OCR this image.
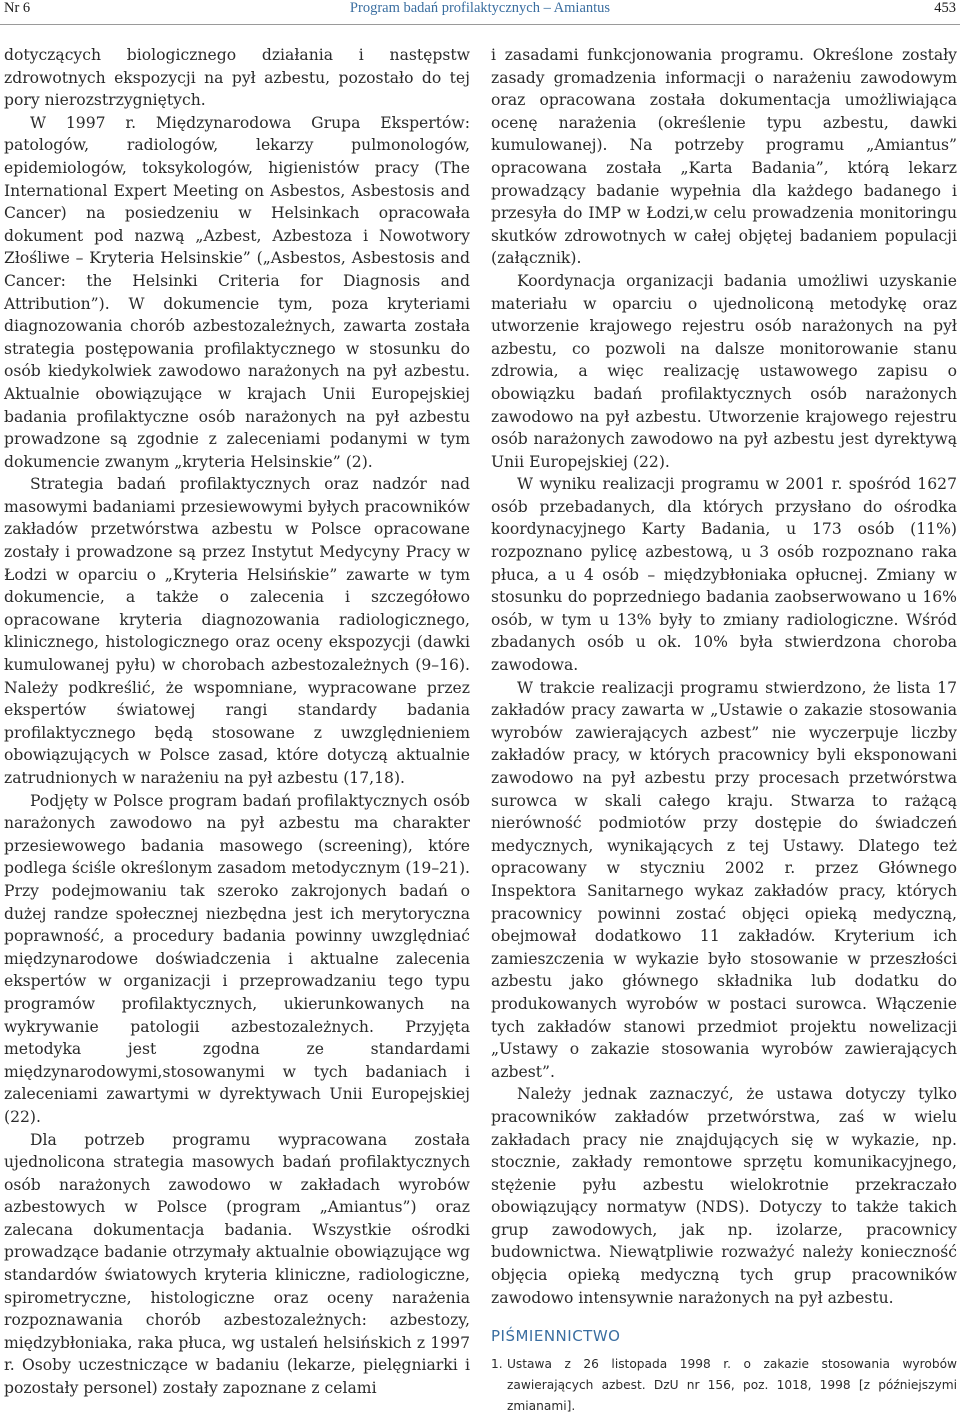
Nr 6	Program badań profilaktycznych – Amiantus	453

dotyczących biologicznego działania i następstw zdrowotnych ekspozycji na pył azbestu, pozostało do tej pory nierozstrzygniętych.

W 1997 r. Międzynarodowa Grupa Ekspertów: patologów, radiologów, lekarzy pulmonologów, epidemiologów, toksykologów, higienistów pracy (The International Expert Meeting on Asbestos, Asbestosis and Cancer) na posiedzeniu w Helsinkach opracowała dokument pod nazwą „Azbest, Azbestoza i Nowotwory Złośliwe – Kryteria Helsinskie” („Asbestos, Asbestosis and Cancer: the Helsinki Criteria for Diagnosis and Attribution”). W dokumencie tym, poza kryteriami diagnozowania chorób azbestozależnych, zawarta została strategia postępowania profilaktycznego w stosunku do osób kiedykolwiek zawodowo narażonych na pył azbestu. Aktualnie obowiązujące w krajach Unii Europejskiej badania profilaktyczne osób narażonych na pył azbestu prowadzone są zgodnie z zaleceniami podanymi w tym dokumencie zwanym „kryteria Helsinskie” (2).

Strategia badań profilaktycznych oraz nadzór nad masowymi badaniami przesiewowymi byłych pracowników zakładów przetwórstwa azbestu w Polsce opracowane zostały i prowadzone są przez Instytut Medycyny Pracy w Łodzi w oparciu o „Kryteria Helsińskie” zawarte w tym dokumencie, a także o zalecenia i szczegółowo opracowane kryteria diagnozowania radiologicznego, klinicznego, histologicznego oraz oceny ekspozycji (dawki kumulowanej pyłu) w chorobach azbestozależnych (9–16). Należy podkreślić, że wspomniane, wypracowane przez ekspertów światowej rangi standardy badania profilaktycznego będą stosowane z uwzględnieniem obowiązujących w Polsce zasad, które dotyczą aktualnie zatrudnionych w narażeniu na pył azbestu (17,18).

Podjęty w Polsce program badań profilaktycznych osób narażonych zawodowo na pył azbestu ma charakter przesiewowego badania masowego (screening), które podlega ściśle określonym zasadom metodycznym (19–21). Przy podejmowaniu tak szeroko zakrojonych badań o dużej randze społecznej niezbędna jest ich merytoryczna poprawność, a procedury badania powinny uwzględniać międzynarodowe doświadczenia i aktualne zalecenia ekspertów w organizacji i przeprowadzaniu tego typu programów profilaktycznych, ukierunkowanych na wykrywanie patologii azbestozależnych. Przyjęta metodyka jest zgodna ze standardami międzynarodowymi,stosowanymi w tych badaniach i zaleceniami zawartymi w dyrektywach Unii Europejskiej (22).

Dla potrzeb programu wypracowana została ujednolicona strategia masowych badań profilaktycznych osób narażonych zawodowo w zakładach wyrobów azbestowych w Polsce (program „Amiantus”) oraz zalecana dokumentacja badania. Wszystkie ośrodki prowadzące badanie otrzymały aktualnie obowiązujące wg standardów światowych kryteria kliniczne, radiologiczne, spirometryczne, histologiczne oraz oceny narażenia rozpoznawania chorób azbestozależnych: azbestozy, międzybłoniaka, raka płuca, wg ustaleń helsińskich z 1997 r. Osoby uczestniczące w badaniu (lekarze, pielęgniarki i pozostały personel) zostały zapoznane z celami

i zasadami funkcjonowania programu. Określone zostały zasady gromadzenia informacji o narażeniu zawodowym oraz opracowana została dokumentacja umożliwiająca ocenę narażenia (określenie typu azbestu, dawki kumulowanej). Na potrzeby programu „Amiantus” opracowana została „Karta Badania”, którą lekarz prowadzący badanie wypełnia dla każdego badanego i przesyła do IMP w Łodzi,w celu prowadzenia monitoringu skutków zdrowotnych w całej objętej badaniem populacji (załącznik).

Koordynacja organizacji badania umożliwi uzyskanie materiału w oparciu o ujednoliconą metodykę oraz utworzenie krajowego rejestru osób narażonych na pył azbestu, co pozwoli na dalsze monitorowanie stanu zdrowia, a więc realizację ustawowego zapisu o obowiązku badań profilaktycznych osób narażonych zawodowo na pył azbestu. Utworzenie krajowego rejestru osób narażonych zawodowo na pył azbestu jest dyrektywą Unii Europejskiej (22).

W wyniku realizacji programu w 2001 r. spośród 1627 osób przebadanych, dla których przysłano do ośrodka koordynacyjnego Karty Badania, u 173 osób (11%) rozpoznano pylicę azbestową, u 3 osób rozpoznano raka płuca, a u 4 osób – międzybłoniaka opłucnej. Zmiany w stosunku do poprzedniego badania zaobserwowano u 16% osób, w tym u 13% były to zmiany radiologiczne. Wśród zbadanych osób u ok. 10% była stwierdzona choroba zawodowa.

W trakcie realizacji programu stwierdzono, że lista 17 zakładów pracy zawarta w „Ustawie o zakazie stosowania wyrobów zawierających azbest” nie wyczerpuje liczby zakładów pracy, w których pracownicy byli eksponowani zawodowo na pył azbestu przy procesach przetwórstwa surowca w skali całego kraju. Stwarza to rażącą nierówność podmiotów przy dostępie do świadczeń medycznych, wynikających z tej Ustawy. Dlatego też opracowany w styczniu 2002 r. przez Głównego Inspektora Sanitarnego wykaz zakładów pracy, których pracownicy powinni zostać objęci opieką medyczną, obejmował dodatkowo 11 zakładów. Kryterium ich zamieszczenia w wykazie było stosowanie w przeszłości azbestu jako głównego składnika lub dodatku do produkowanych wyrobów w postaci surowca. Włączenie tych zakładów stanowi przedmiot projektu nowelizacji „Ustawy o zakazie stosowania wyrobów zawierających azbest”.

Należy jednak zaznaczyć, że ustawa dotyczy tylko pracowników zakładów przetwórstwa, zaś w wielu zakładach pracy nie znajdujących się w wykazie, np. stocznie, zakłady remontowe sprzętu komunikacyjnego, stężenie pyłu azbestu wielokrotnie przekraczało obowiązujący normatyw (NDS). Dotyczy to także takich grup zawodowych, jak np. izolarze, pracownicy budownictwa. Niewątpliwie rozważyć należy konieczność objęcia opieką medyczną tych grup pracowników zawodowo intensywnie narażonych na pył azbestu.

PIŚMIENNICTWO
1. Ustawa z 26 listopada 1998 r. o zakazie stosowania wyrobów zawierających azbest. DzU nr 156, poz. 1018, 1998 [z późniejszymi zmianami].
